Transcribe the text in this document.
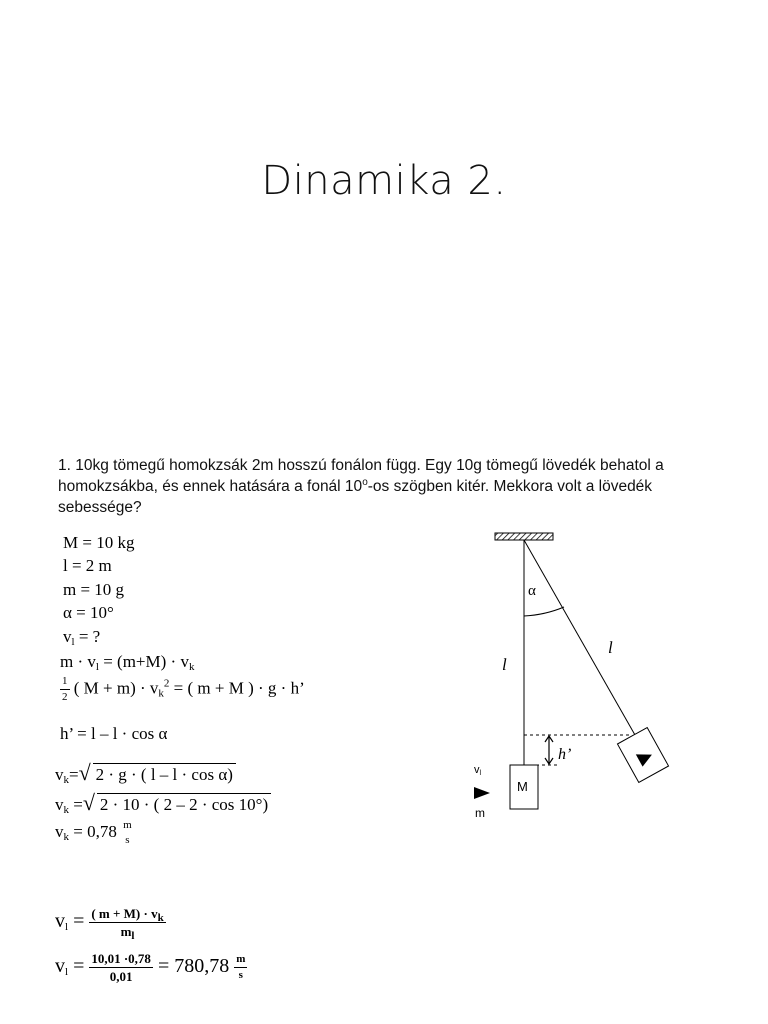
Dinamika 2.
1. 10kg tömegű homokzsák 2m hosszú fonálon függ. Egy 10g tömegű lövedék behatol a homokzsákba, és ennek hatására a fonál 10$^o$-os szögben kitér. Mekkora volt a lövedék sebessége?
M = 10 kg
l = 2 m
m = 10 g
α = 10°
$v_l$ = ?
$m \cdot v_l = (m+M) \cdot v_k$
$\frac{1}{2}$ ( $M + m) \cdot v_k^2$ = ( m + M ) · g · h’
h’ = l – l · cos α
$v_k=$ √ 2 · g · ( l – l · cos α)
$v_k$ = √ 2 · 10 · ( 2 – 2 · cos 10°)
$v_k = 0,78$ m
s
$v_l = \frac{( m + M) \cdot v_k}{m_l}$
$v_l = \frac{10,01 \cdot 0,78}{0,01} = 780,78 \frac{m}{s}$
α
l
l
h’
M
vl
m
